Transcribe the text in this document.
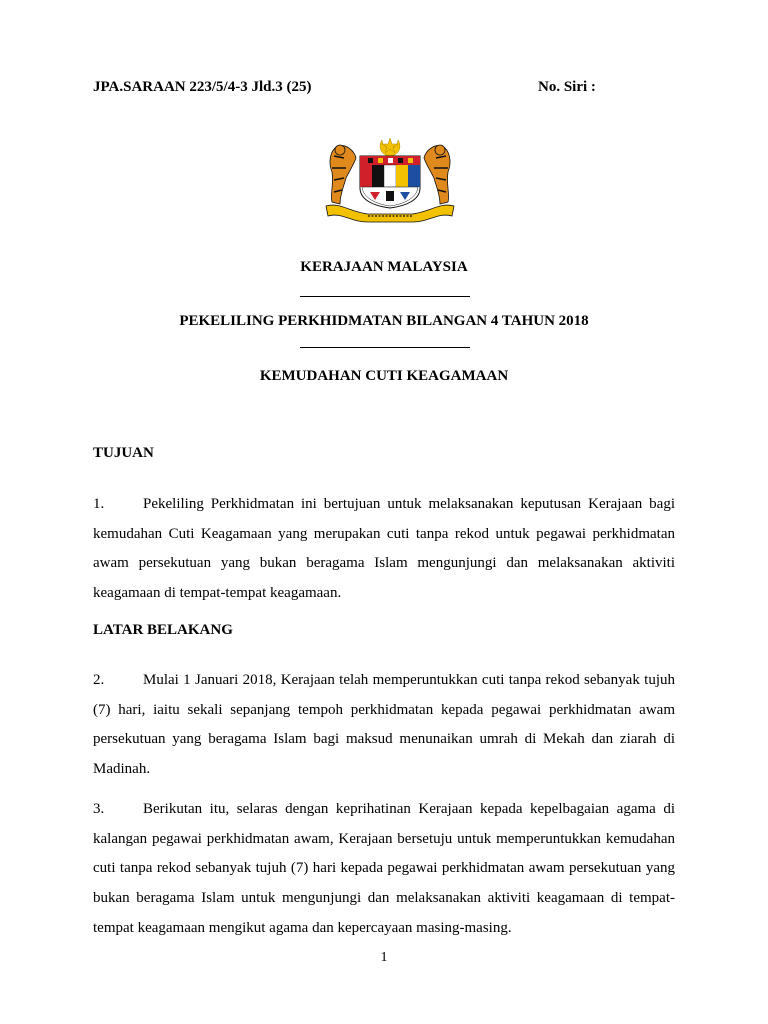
JPA.SARAAN 223/5/4-3 Jld.3 (25)	No. Siri :
KERAJAAN MALAYSIA
PEKELILING PERKHIDMATAN BILANGAN 4 TAHUN 2018
KEMUDAHAN CUTI KEAGAMAAN
TUJUAN
1.	Pekeliling Perkhidmatan ini bertujuan untuk melaksanakan keputusan Kerajaan bagi kemudahan Cuti Keagamaan yang merupakan cuti tanpa rekod untuk pegawai perkhidmatan awam persekutuan yang bukan beragama Islam mengunjungi dan melaksanakan aktiviti keagamaan di tempat-tempat keagamaan.
LATAR BELAKANG
2.	Mulai 1 Januari 2018, Kerajaan telah memperuntukkan cuti tanpa rekod sebanyak tujuh (7) hari, iaitu sekali sepanjang tempoh perkhidmatan kepada pegawai perkhidmatan awam persekutuan yang beragama Islam bagi maksud menunaikan umrah di Mekah dan ziarah di Madinah.
3.	Berikutan itu, selaras dengan keprihatinan Kerajaan kepada kepelbagaian agama di kalangan pegawai perkhidmatan awam, Kerajaan bersetuju untuk memperuntukkan kemudahan cuti tanpa rekod sebanyak tujuh (7) hari kepada pegawai perkhidmatan awam persekutuan yang bukan beragama Islam untuk mengunjungi dan melaksanakan aktiviti keagamaan di tempat-tempat keagamaan mengikut agama dan kepercayaan masing-masing.
1
